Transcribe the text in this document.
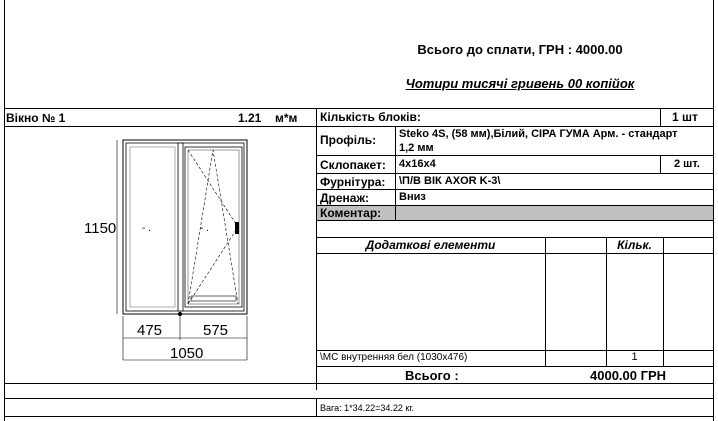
Всього до сплати, ГРН : 4000.00
Чотири тисячі гривень 00 копійок
Вікно № 1	1.21 м*м
- .	- .
1150
475	575
1050
Кількість блоків:	1 шт
Профіль: Steko 4S, (58 мм),Білий, СІРА ГУМА Арм. - стандарт
1,2 мм
Склопакет: 4x16x4	2 шт.
Фурнітура: \П/В ВІК AXOR K-3\
Дренаж:	Вниз
Коментар:
Додаткові елементи	Кільк.
\МС внутренняя бел (1030x476)	1
Всього :	4000.00 ГРН
Вага: 1*34.22=34.22 кг.
